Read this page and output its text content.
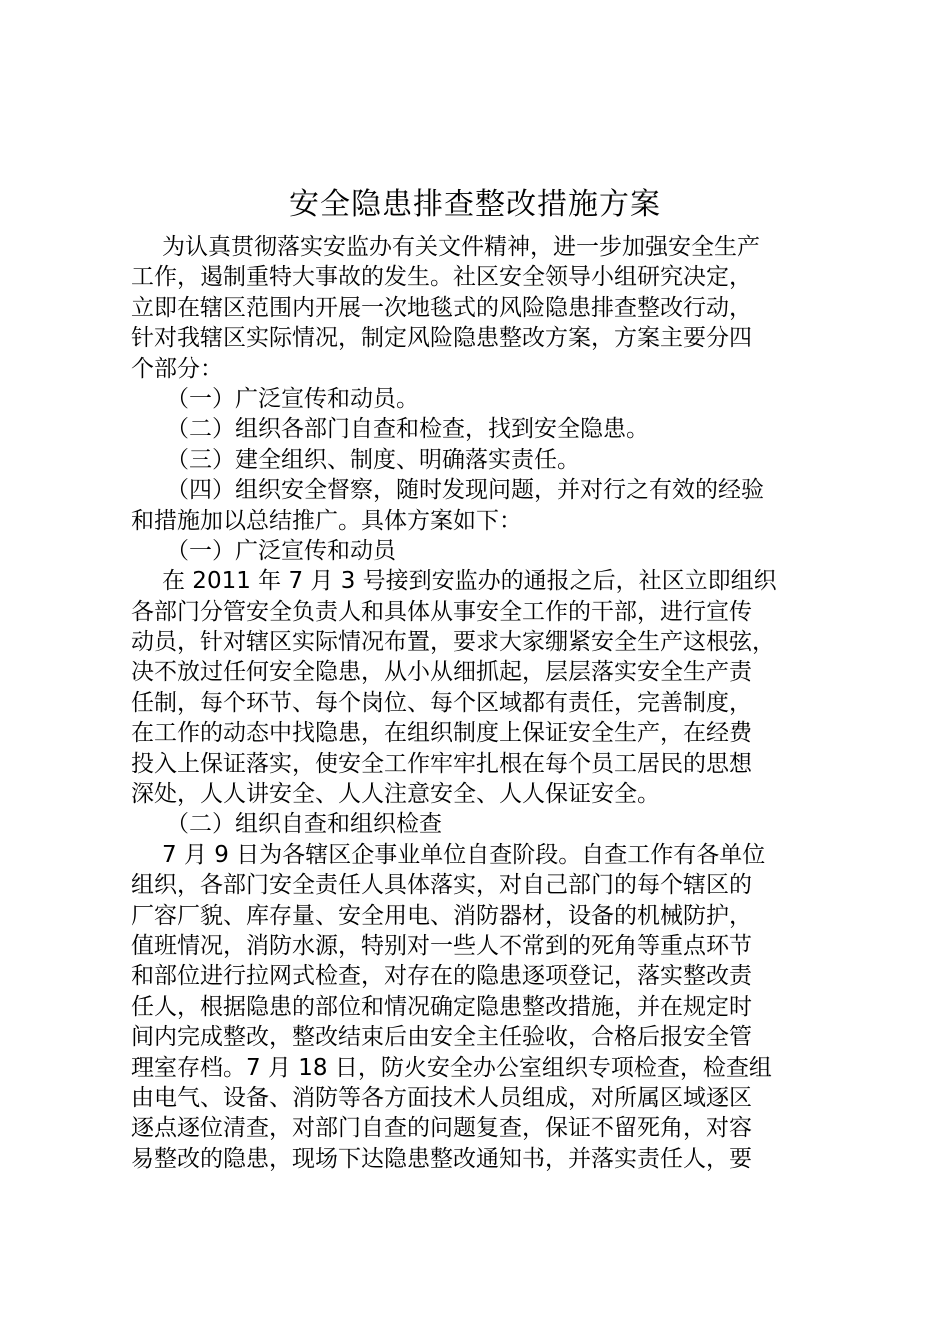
安全隐患排查整改措施方案

为认真贯彻落实安监办有关文件精神，进一步加强安全生产

工作，遏制重特大事故的发生。社区安全领导小组研究决定，

立即在辖区范围内开展一次地毯式的风险隐患排查整改行动，

针对我辖区实际情况，制定风险隐患整改方案，方案主要分四

个部分：

（一）广泛宣传和动员。

（二）组织各部门自查和检查，找到安全隐患。

（三）建全组织、制度、明确落实责任。

（四）组织安全督察，随时发现问题，并对行之有效的经验

和措施加以总结推广。具体方案如下：

（一）广泛宣传和动员

在 2011 年 7 月 3 号接到安监办的通报之后，社区立即组织

各部门分管安全负责人和具体从事安全工作的干部，进行宣传

动员，针对辖区实际情况布置，要求大家绷紧安全生产这根弦，

决不放过任何安全隐患，从小从细抓起，层层落实安全生产责

任制，每个环节、每个岗位、每个区域都有责任，完善制度，

在工作的动态中找隐患，在组织制度上保证安全生产，在经费

投入上保证落实，使安全工作牢牢扎根在每个员工居民的思想

深处，人人讲安全、人人注意安全、人人保证安全。

（二）组织自查和组织检查

7 月 9 日为各辖区企事业单位自查阶段。自查工作有各单位

组织，各部门安全责任人具体落实，对自己部门的每个辖区的

厂容厂貌、库存量、安全用电、消防器材，设备的机械防护，

值班情况，消防水源，特别对一些人不常到的死角等重点环节

和部位进行拉网式检查，对存在的隐患逐项登记，落实整改责

任人，根据隐患的部位和情况确定隐患整改措施，并在规定时

间内完成整改，整改结束后由安全主任验收，合格后报安全管

理室存档。7 月 18 日，防火安全办公室组织专项检查，检查组

由电气、设备、消防等各方面技术人员组成，对所属区域逐区

逐点逐位清查，对部门自查的问题复查，保证不留死角，对容

易整改的隐患，现场下达隐患整改通知书，并落实责任人，要
